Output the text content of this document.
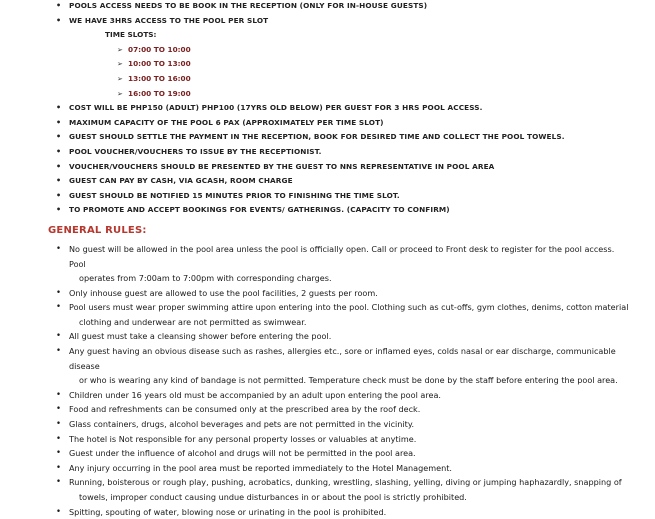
• POOLS ACCESS NEEDS TO BE BOOK IN THE RECEPTION (ONLY FOR IN-HOUSE GUESTS)
• WE HAVE 3HRS ACCESS TO THE POOL PER SLOT
TIME SLOTS:
➢ 07:00 TO 10:00
➢ 10:00 TO 13:00
➢ 13:00 TO 16:00
➢ 16:00 TO 19:00
• COST WILL BE PHP150 (ADULT) PHP100 (17YRS OLD BELOW) PER GUEST FOR 3 HRS POOL ACCESS.
• MAXIMUM CAPACITY OF THE POOL 6 PAX (APPROXIMATELY PER TIME SLOT)
• GUEST SHOULD SETTLE THE PAYMENT IN THE RECEPTION, BOOK FOR DESIRED TIME AND COLLECT THE POOL TOWELS.
• POOL VOUCHER/VOUCHERS TO ISSUE BY THE RECEPTIONIST.
• VOUCHER/VOUCHERS SHOULD BE PRESENTED BY THE GUEST TO NNS REPRESENTATIVE IN POOL AREA
• GUEST CAN PAY BY CASH, VIA GCASH, ROOM CHARGE
• GUEST SHOULD BE NOTIFIED 15 MINUTES PRIOR TO FINISHING THE TIME SLOT.
• TO PROMOTE AND ACCEPT BOOKINGS FOR EVENTS/ GATHERINGS. (CAPACITY TO CONFIRM)
GENERAL RULES:
• No guest will be allowed in the pool area unless the pool is officially open. Call or proceed to Front desk to register for the pool access. Pool
operates from 7:00am to 7:00pm with corresponding charges.
• Only inhouse guest are allowed to use the pool facilities, 2 guests per room.
• Pool users must wear proper swimming attire upon entering into the pool. Clothing such as cut-offs, gym clothes, denims, cotton material
clothing and underwear are not permitted as swimwear.
• All guest must take a cleansing shower before entering the pool.
• Any guest having an obvious disease such as rashes, allergies etc., sore or inflamed eyes, colds nasal or ear discharge, communicable disease
or who is wearing any kind of bandage is not permitted. Temperature check must be done by the staff before entering the pool area.
• Children under 16 years old must be accompanied by an adult upon entering the pool area.
• Food and refreshments can be consumed only at the prescribed area by the roof deck.
• Glass containers, drugs, alcohol beverages and pets are not permitted in the vicinity.
• The hotel is Not responsible for any personal property losses or valuables at anytime.
• Guest under the influence of alcohol and drugs will not be permitted in the pool area.
• Any injury occurring in the pool area must be reported immediately to the Hotel Management.
• Running, boisterous or rough play, pushing, acrobatics, dunking, wrestling, slashing, yelling, diving or jumping haphazardly, snapping of
towels, improper conduct causing undue disturbances in or about the pool is strictly prohibited.
• Spitting, spouting of water, blowing nose or urinating in the pool is prohibited.
